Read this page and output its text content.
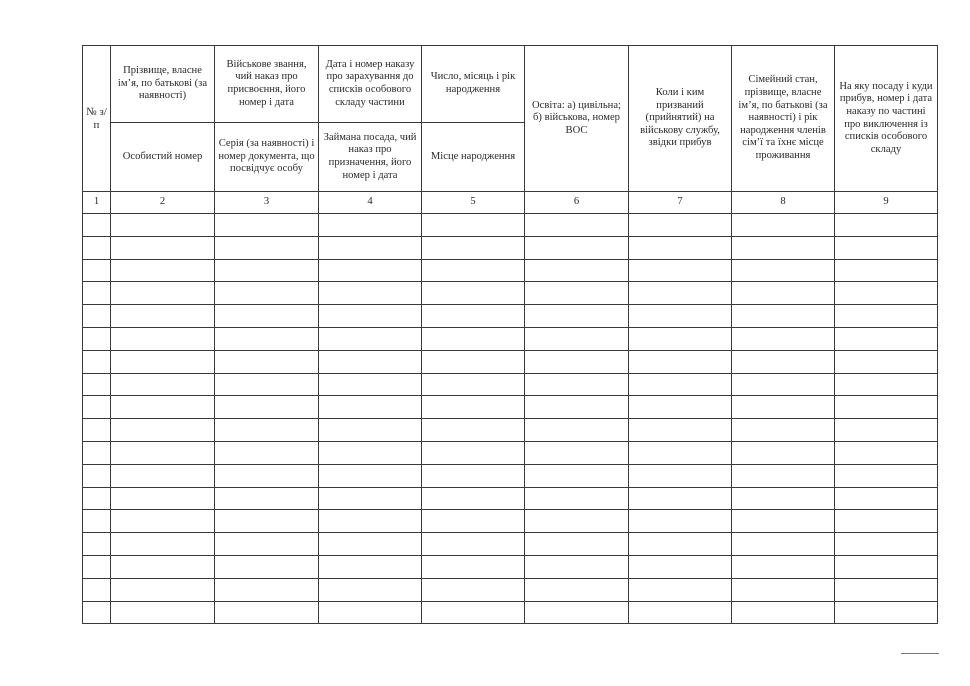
№ з/п	Прізвище, власне ім’я, по батькові (за наявності)	Військове звання, чий наказ про присвоєння, його номер і дата	Дата і номер наказу про зарахування до списків особового складу частини	Число, місяць і рік народження	Освіта: а) цивільна; б) військова, номер ВОС	Коли і ким призваний (прийнятий) на військову службу, звідки прибув	Сімейний стан, прізвище, власне ім’я, по батькові (за наявності) і рік народження членів сім’ї та їхнє місце проживання	На яку посаду і куди прибув, номер і дата наказу по частині про виключення із списків особового складу

	Особистий номер	Серія (за наявності) і номер документа, що посвідчує особу	Займана посада, чий наказ про призначення, його номер і дата	Місце народження				

1	2	3	4	5	6	7	8	9
